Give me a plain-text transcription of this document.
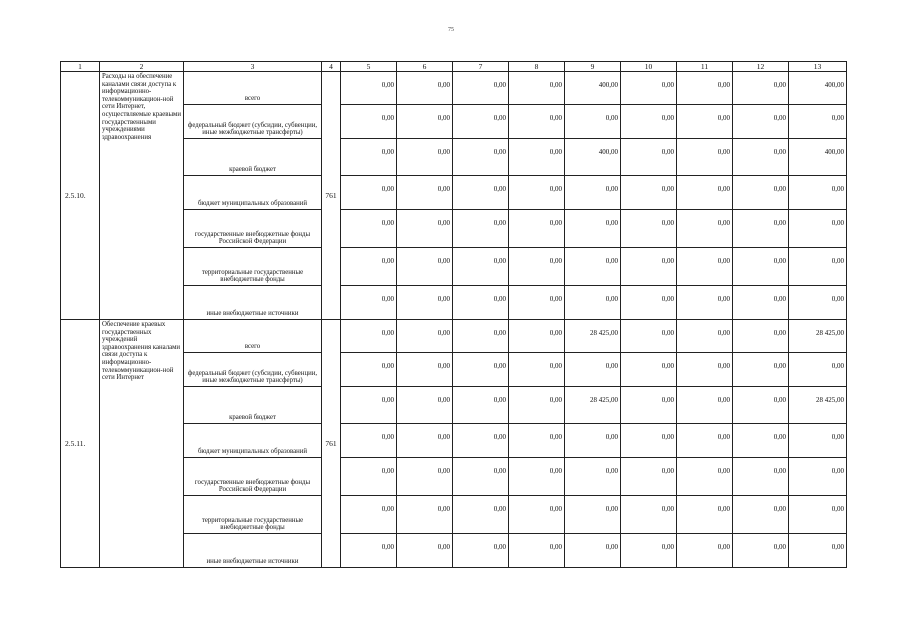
75
1	2	3	4	5	6	7	8	9	10	11	12	13
2.5.10.	Расходы на обеспечение каналами связи доступа к информационно-телекоммуникацион-ной сети Интернет, осуществляемые краевыми государственными учреждениями здравоохранения	всего	761	0,00	0,00	0,00	0,00	400,00	0,00	0,00	0,00	400,00
		федеральный бюджет (субсидии, субвенции, иные межбюджетные трансферты)		0,00	0,00	0,00	0,00	0,00	0,00	0,00	0,00	0,00
		краевой бюджет		0,00	0,00	0,00	0,00	400,00	0,00	0,00	0,00	400,00
		бюджет муниципальных образований		0,00	0,00	0,00	0,00	0,00	0,00	0,00	0,00	0,00
		государственные внебюджетные фонды Российской Федерации		0,00	0,00	0,00	0,00	0,00	0,00	0,00	0,00	0,00
		территориальные государственные внебюджетные фонды		0,00	0,00	0,00	0,00	0,00	0,00	0,00	0,00	0,00
		иные внебюджетные источники		0,00	0,00	0,00	0,00	0,00	0,00	0,00	0,00	0,00
2.5.11.	Обеспечение краевых государственных учреждений здравоохранения каналами связи доступа к информационно-телекоммуникацион-ной сети Интернет	всего	761	0,00	0,00	0,00	0,00	28 425,00	0,00	0,00	0,00	28 425,00
		федеральный бюджет (субсидии, субвенции, иные межбюджетные трансферты)		0,00	0,00	0,00	0,00	0,00	0,00	0,00	0,00	0,00
		краевой бюджет		0,00	0,00	0,00	0,00	28 425,00	0,00	0,00	0,00	28 425,00
		бюджет муниципальных образований		0,00	0,00	0,00	0,00	0,00	0,00	0,00	0,00	0,00
		государственные внебюджетные фонды Российской Федерации		0,00	0,00	0,00	0,00	0,00	0,00	0,00	0,00	0,00
		территориальные государственные внебюджетные фонды		0,00	0,00	0,00	0,00	0,00	0,00	0,00	0,00	0,00
		иные внебюджетные источники		0,00	0,00	0,00	0,00	0,00	0,00	0,00	0,00	0,00
